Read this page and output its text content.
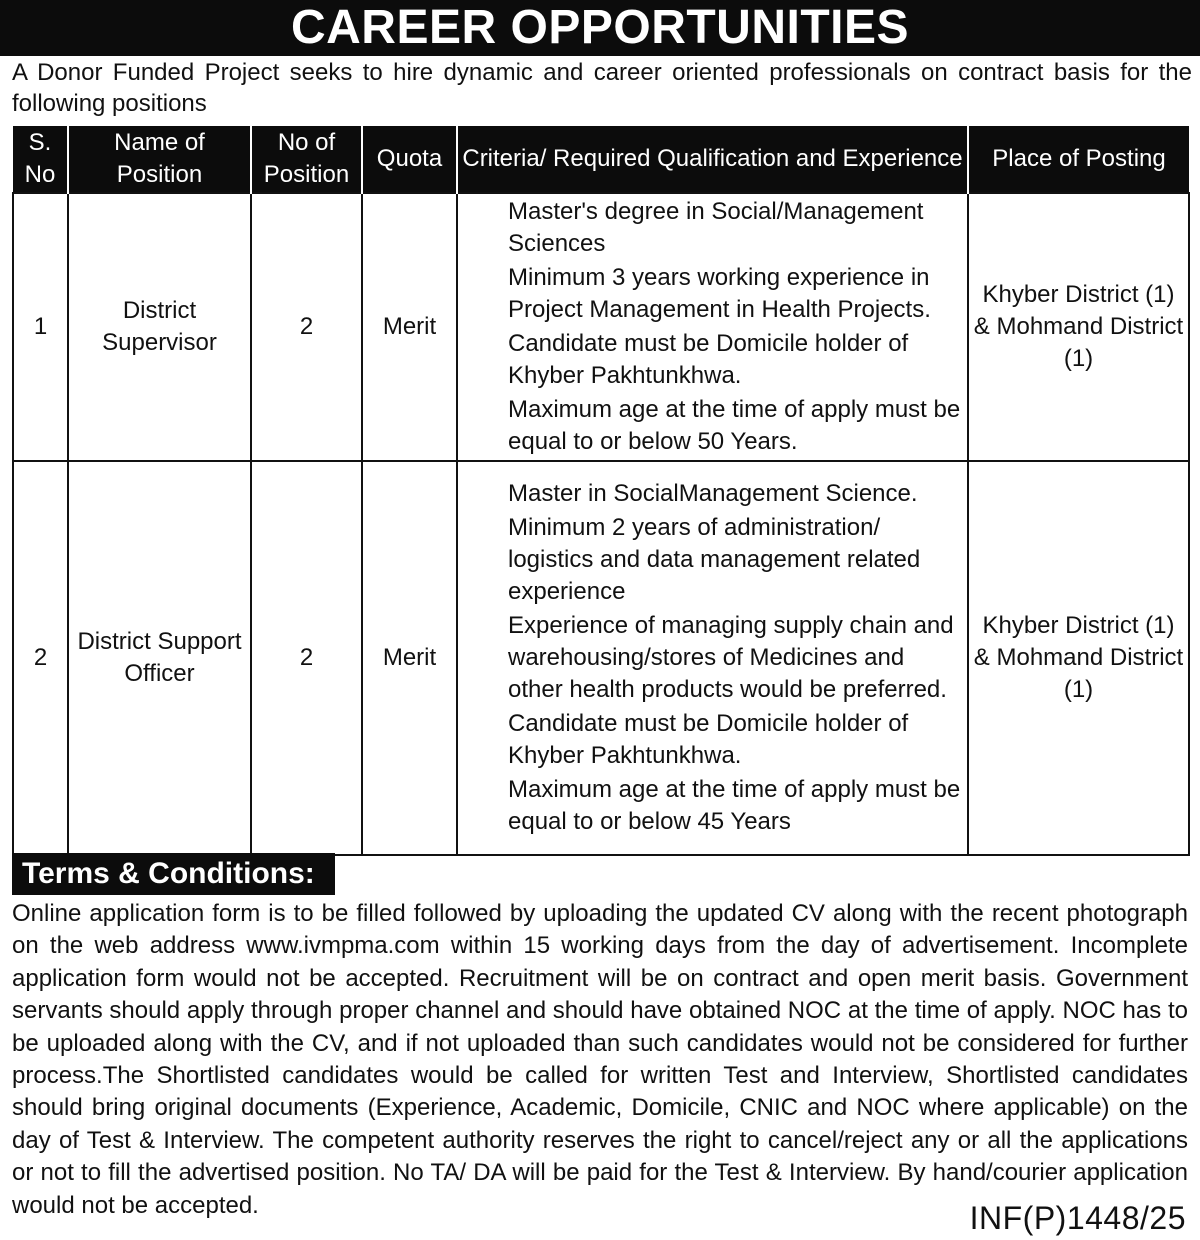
CAREER OPPORTUNITIES
A Donor Funded Project seeks to hire dynamic and career oriented professionals on contract basis for the following positions
S. No	Name of Position	No of Position	Quota	Criteria/ Required Qualification and Experience	Place of Posting
1	District Supervisor	2	Merit	Master's degree in Social/Management Sciences
Minimum 3 years working experience in Project Management in Health Projects.
Candidate must be Domicile holder of Khyber Pakhtunkhwa.
Maximum age at the time of apply must be equal to or below 50 Years.	Khyber District (1) & Mohmand District (1)
2	District Support Officer	2	Merit	Master in SocialManagement Science.
Minimum 2 years of administration/ logistics and data management related experience
Experience of managing supply chain and warehousing/stores of Medicines and other health products would be preferred.
Candidate must be Domicile holder of Khyber Pakhtunkhwa.
Maximum age at the time of apply must be equal to or below 45 Years	Khyber District (1) & Mohmand District (1)
Terms & Conditions:
Online application form is to be filled followed by uploading the updated CV along with the recent photograph on the web address www.ivmpma.com within 15 working days from the day of advertisement. Incomplete application form would not be accepted. Recruitment will be on contract and open merit basis. Government servants should apply through proper channel and should have obtained NOC at the time of apply. NOC has to be uploaded along with the CV, and if not uploaded than such candidates would not be considered for further process.The Shortlisted candidates would be called for written Test and Interview, Shortlisted candidates should bring original documents (Experience, Academic, Domicile, CNIC and NOC where applicable) on the day of Test & Interview. The competent authority reserves the right to cancel/reject any or all the applications or not to fill the advertised position. No TA/ DA will be paid for the Test & Interview. By hand/courier application would not be accepted.	INF(P)1448/25
